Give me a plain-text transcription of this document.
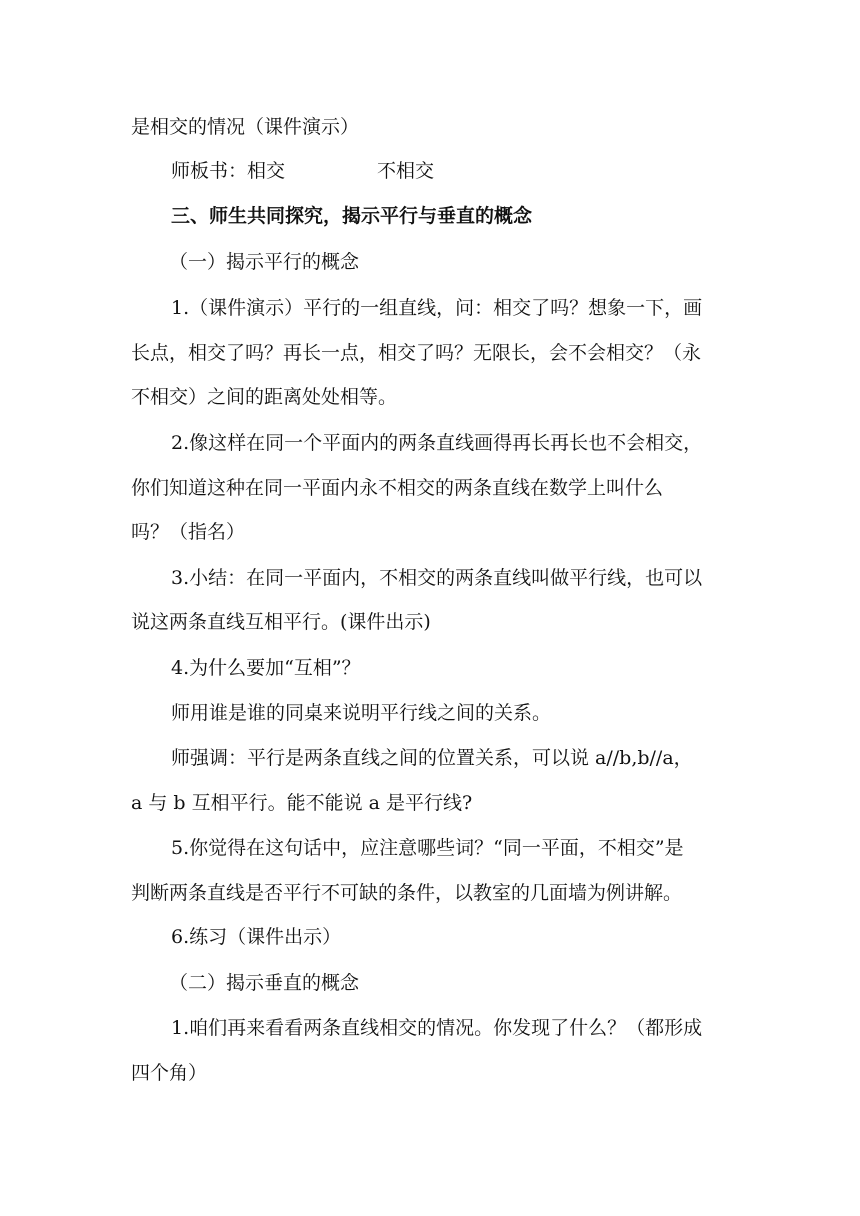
是相交的情况（课件演示）

师板书：相交	不相交

三、师生共同探究，揭示平行与垂直的概念

（一）揭示平行的概念

1.（课件演示）平行的一组直线，问：相交了吗？想象一下，画

长点，相交了吗？再长一点，相交了吗？无限长，会不会相交？（永

不相交）之间的距离处处相等。

2.像这样在同一个平面内的两条直线画得再长再长也不会相交，

你们知道这种在同一平面内永不相交的两条直线在数学上叫什么

吗？（指名）

3.小结：在同一平面内，不相交的两条直线叫做平行线，也可以

说这两条直线互相平行。(课件出示)

4.为什么要加“互相”？

师用谁是谁的同桌来说明平行线之间的关系。

师强调：平行是两条直线之间的位置关系，可以说 a//b,b//a，

a 与 b 互相平行。能不能说 a 是平行线?

5.你觉得在这句话中，应注意哪些词？“同一平面，不相交”是

判断两条直线是否平行不可缺的条件，以教室的几面墙为例讲解。

6.练习（课件出示）

（二）揭示垂直的概念

1.咱们再来看看两条直线相交的情况。你发现了什么？（都形成

四个角）
